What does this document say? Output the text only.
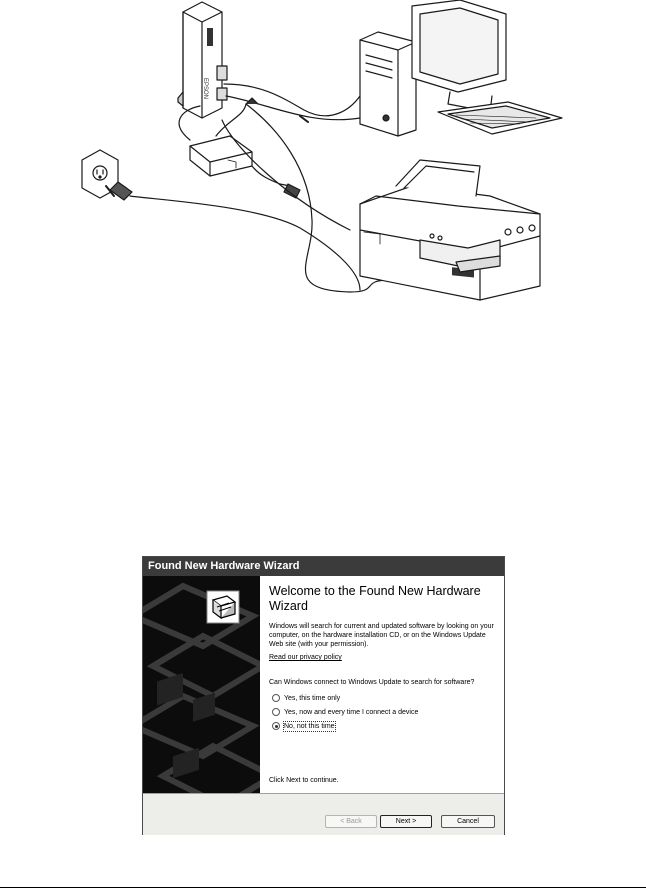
EPSON
Found New Hardware Wizard
Welcome to the Found New Hardware Wizard

Windows will search for current and updated software by looking on your computer, on the hardware installation CD, or on the Windows Update Web site (with your permission).

Read our privacy policy

Can Windows connect to Windows Update to search for software?

Yes, this time only
Yes, now and every time I connect a device
No, not this time
Click Next to continue.
< Back	Next >	Cancel
